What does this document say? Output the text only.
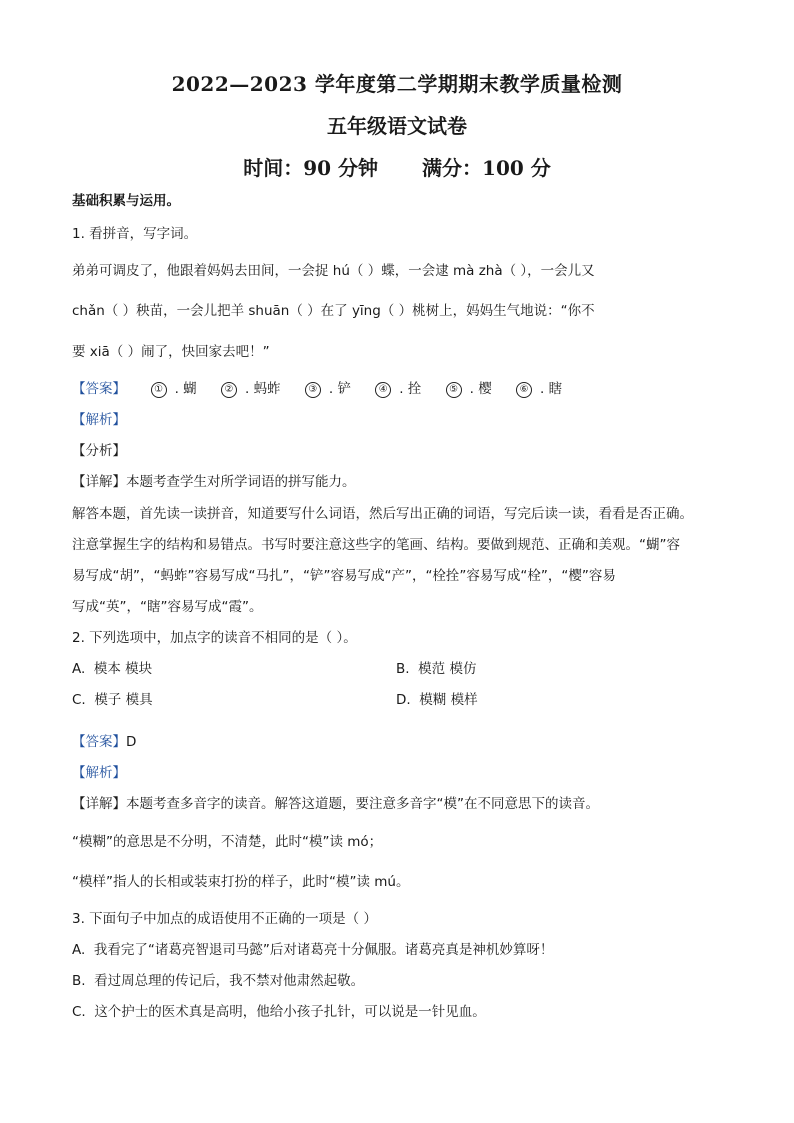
2022—2023 学年度第二学期期末教学质量检测
五年级语文试卷
时间：90 分钟 满分：100 分
基础积累与运用。
1. 看拼音，写字词。
弟弟可调皮了，他跟着妈妈去田间，一会捉 hú（ ）蝶，一会逮 mà zhà（ ），一会儿又
chǎn（ ）秧苗，一会儿把羊 shuān（ ）在了 yīng（ ）桃树上，妈妈生气地说：“你不
要 xiā（ ）闹了，快回家去吧！”
【答案】	① . 蝴	② . 蚂蚱	③ . 铲	④ . 拴	⑤ . 樱	⑥ . 瞎
【解析】
【分析】
【详解】本题考查学生对所学词语的拼写能力。
解答本题，首先读一读拼音，知道要写什么词语，然后写出正确的词语，写完后读一读，看看是否正确。
注意掌握生字的结构和易错点。书写时要注意这些字的笔画、结构。要做到规范、正确和美观。“蝴”容
易写成“胡”，“蚂蚱”容易写成“马扎”，“铲”容易写成“产”，“栓拴”容易写成“栓”，“樱”容易
写成“英”，“瞎”容易写成“霞”。
2. 下列选项中，加点字的读音不相同的是（ ）。
A. 模本 模块	B. 模范 模仿
C. 模子 模具	D. 模糊 模样
【答案】D
【解析】
【详解】本题考查多音字的读音。解答这道题，要注意多音字“模”在不同意思下的读音。
“模糊”的意思是不分明，不清楚，此时“模”读 mó；
“模样”指人的长相或装束打扮的样子，此时“模”读 mú。
3. 下面句子中加点的成语使用不正确的一项是（ ）
A. 我看完了“诸葛亮智退司马懿”后对诸葛亮十分佩服。诸葛亮真是神机妙算呀！
B. 看过周总理的传记后，我不禁对他肃然起敬。
C. 这个护士的医术真是高明，他给小孩子扎针，可以说是一针见血。
